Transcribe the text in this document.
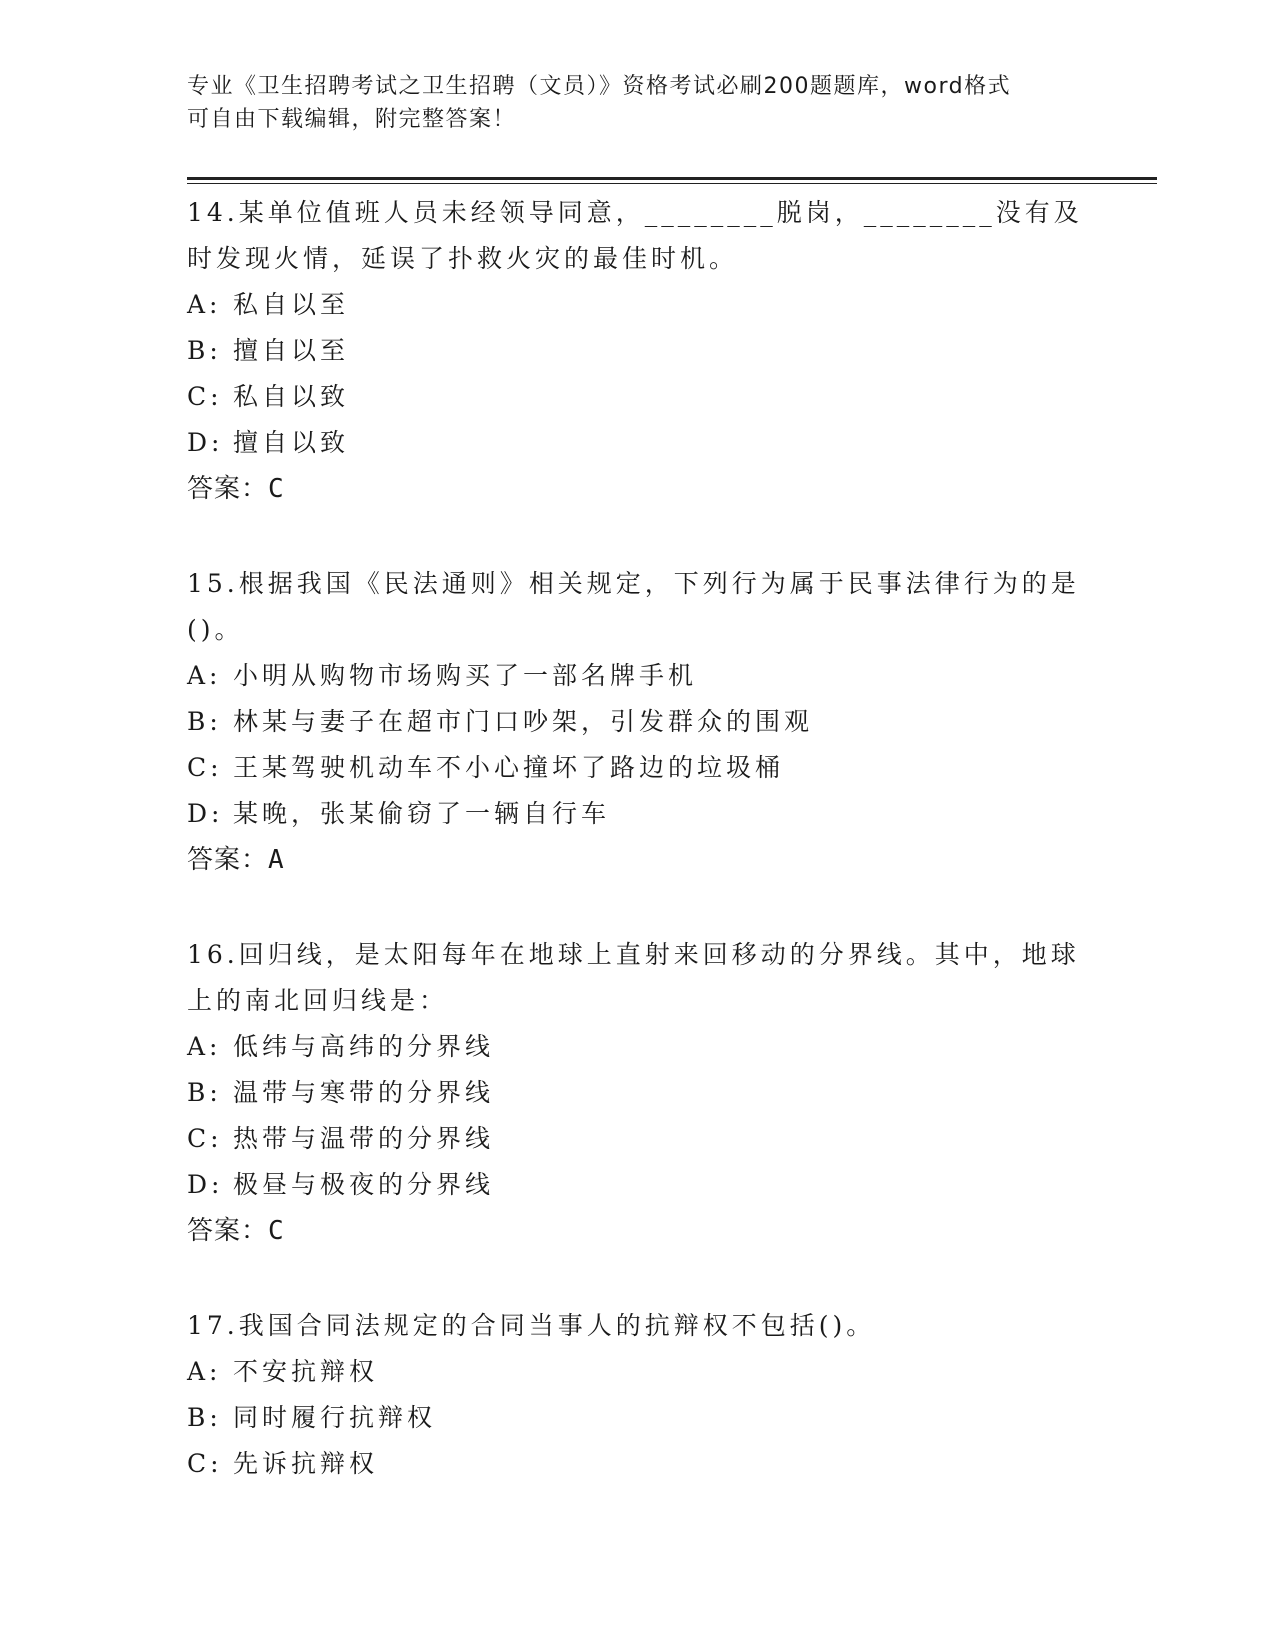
专业《卫生招聘考试之卫生招聘（文员）》资格考试必刷200题题库，word格式
可自由下载编辑，附完整答案！

14.某单位值班人员未经领导同意，________脱岗，________没有及时发现火情，延误了扑救火灾的最佳时机。

A: 私自以至

B: 擅自以至

C: 私自以致

D: 擅自以致

答案：C

15.根据我国《民法通则》相关规定，下列行为属于民事法律行为的是()。

A: 小明从购物市场购买了一部名牌手机

B: 林某与妻子在超市门口吵架，引发群众的围观

C: 王某驾驶机动车不小心撞坏了路边的垃圾桶

D: 某晚，张某偷窃了一辆自行车

答案：A

16.回归线，是太阳每年在地球上直射来回移动的分界线。其中，地球上的南北回归线是：

A: 低纬与高纬的分界线

B: 温带与寒带的分界线

C: 热带与温带的分界线

D: 极昼与极夜的分界线

答案：C

17.我国合同法规定的合同当事人的抗辩权不包括()。

A: 不安抗辩权

B: 同时履行抗辩权

C: 先诉抗辩权
